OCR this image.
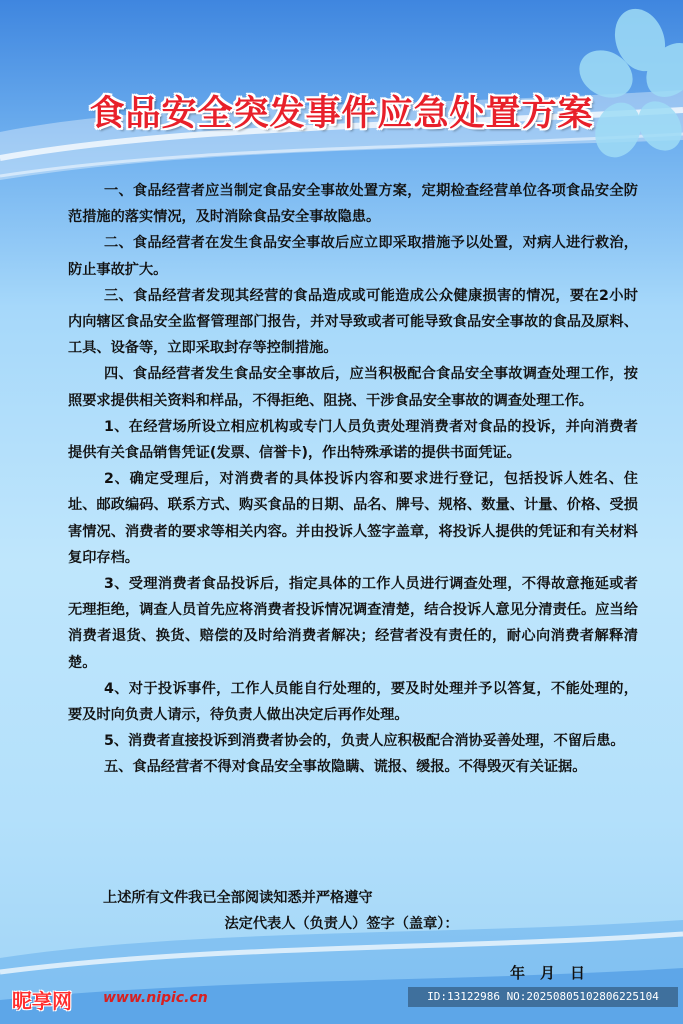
食品安全突发事件应急处置方案

一、食品经营者应当制定食品安全事故处置方案，定期检查经营单位各项食品安全防范措施的落实情况，及时消除食品安全事故隐患。

二、食品经营者在发生食品安全事故后应立即采取措施予以处置，对病人进行救治，防止事故扩大。

三、食品经营者发现其经营的食品造成或可能造成公众健康损害的情况，要在2小时内向辖区食品安全监督管理部门报告，并对导致或者可能导致食品安全事故的食品及原料、工具、设备等，立即采取封存等控制措施。

四、食品经营者发生食品安全事故后，应当积极配合食品安全事故调查处理工作，按照要求提供相关资料和样品，不得拒绝、阻挠、干涉食品安全事故的调查处理工作。

1、在经营场所设立相应机构或专门人员负责处理消费者对食品的投诉，并向消费者提供有关食品销售凭证(发票、信誉卡)，作出特殊承诺的提供书面凭证。

2、确定受理后，对消费者的具体投诉内容和要求进行登记，包括投诉人姓名、住址、邮政编码、联系方式、购买食品的日期、品名、牌号、规格、数量、计量、价格、受损害情况、消费者的要求等相关内容。并由投诉人签字盖章，将投诉人提供的凭证和有关材料复印存档。

3、受理消费者食品投诉后，指定具体的工作人员进行调查处理，不得故意拖延或者无理拒绝，调查人员首先应将消费者投诉情况调查清楚，结合投诉人意见分清责任。应当给消费者退货、换货、赔偿的及时给消费者解决；经营者没有责任的，耐心向消费者解释清楚。

4、对于投诉事件，工作人员能自行处理的，要及时处理并予以答复，不能处理的，要及时向负责人请示，待负责人做出决定后再作处理。

5、消费者直接投诉到消费者协会的，负责人应积极配合消协妥善处理，不留后患。

五、食品经营者不得对食品安全事故隐瞒、谎报、缓报。不得毁灭有关证据。

上述所有文件我已全部阅读知悉并严格遵守
法定代表人（负责人）签字（盖章）：
年　月　日
昵享网 www.nipic.cn	ID:13122986 NO:20250805102806225104
